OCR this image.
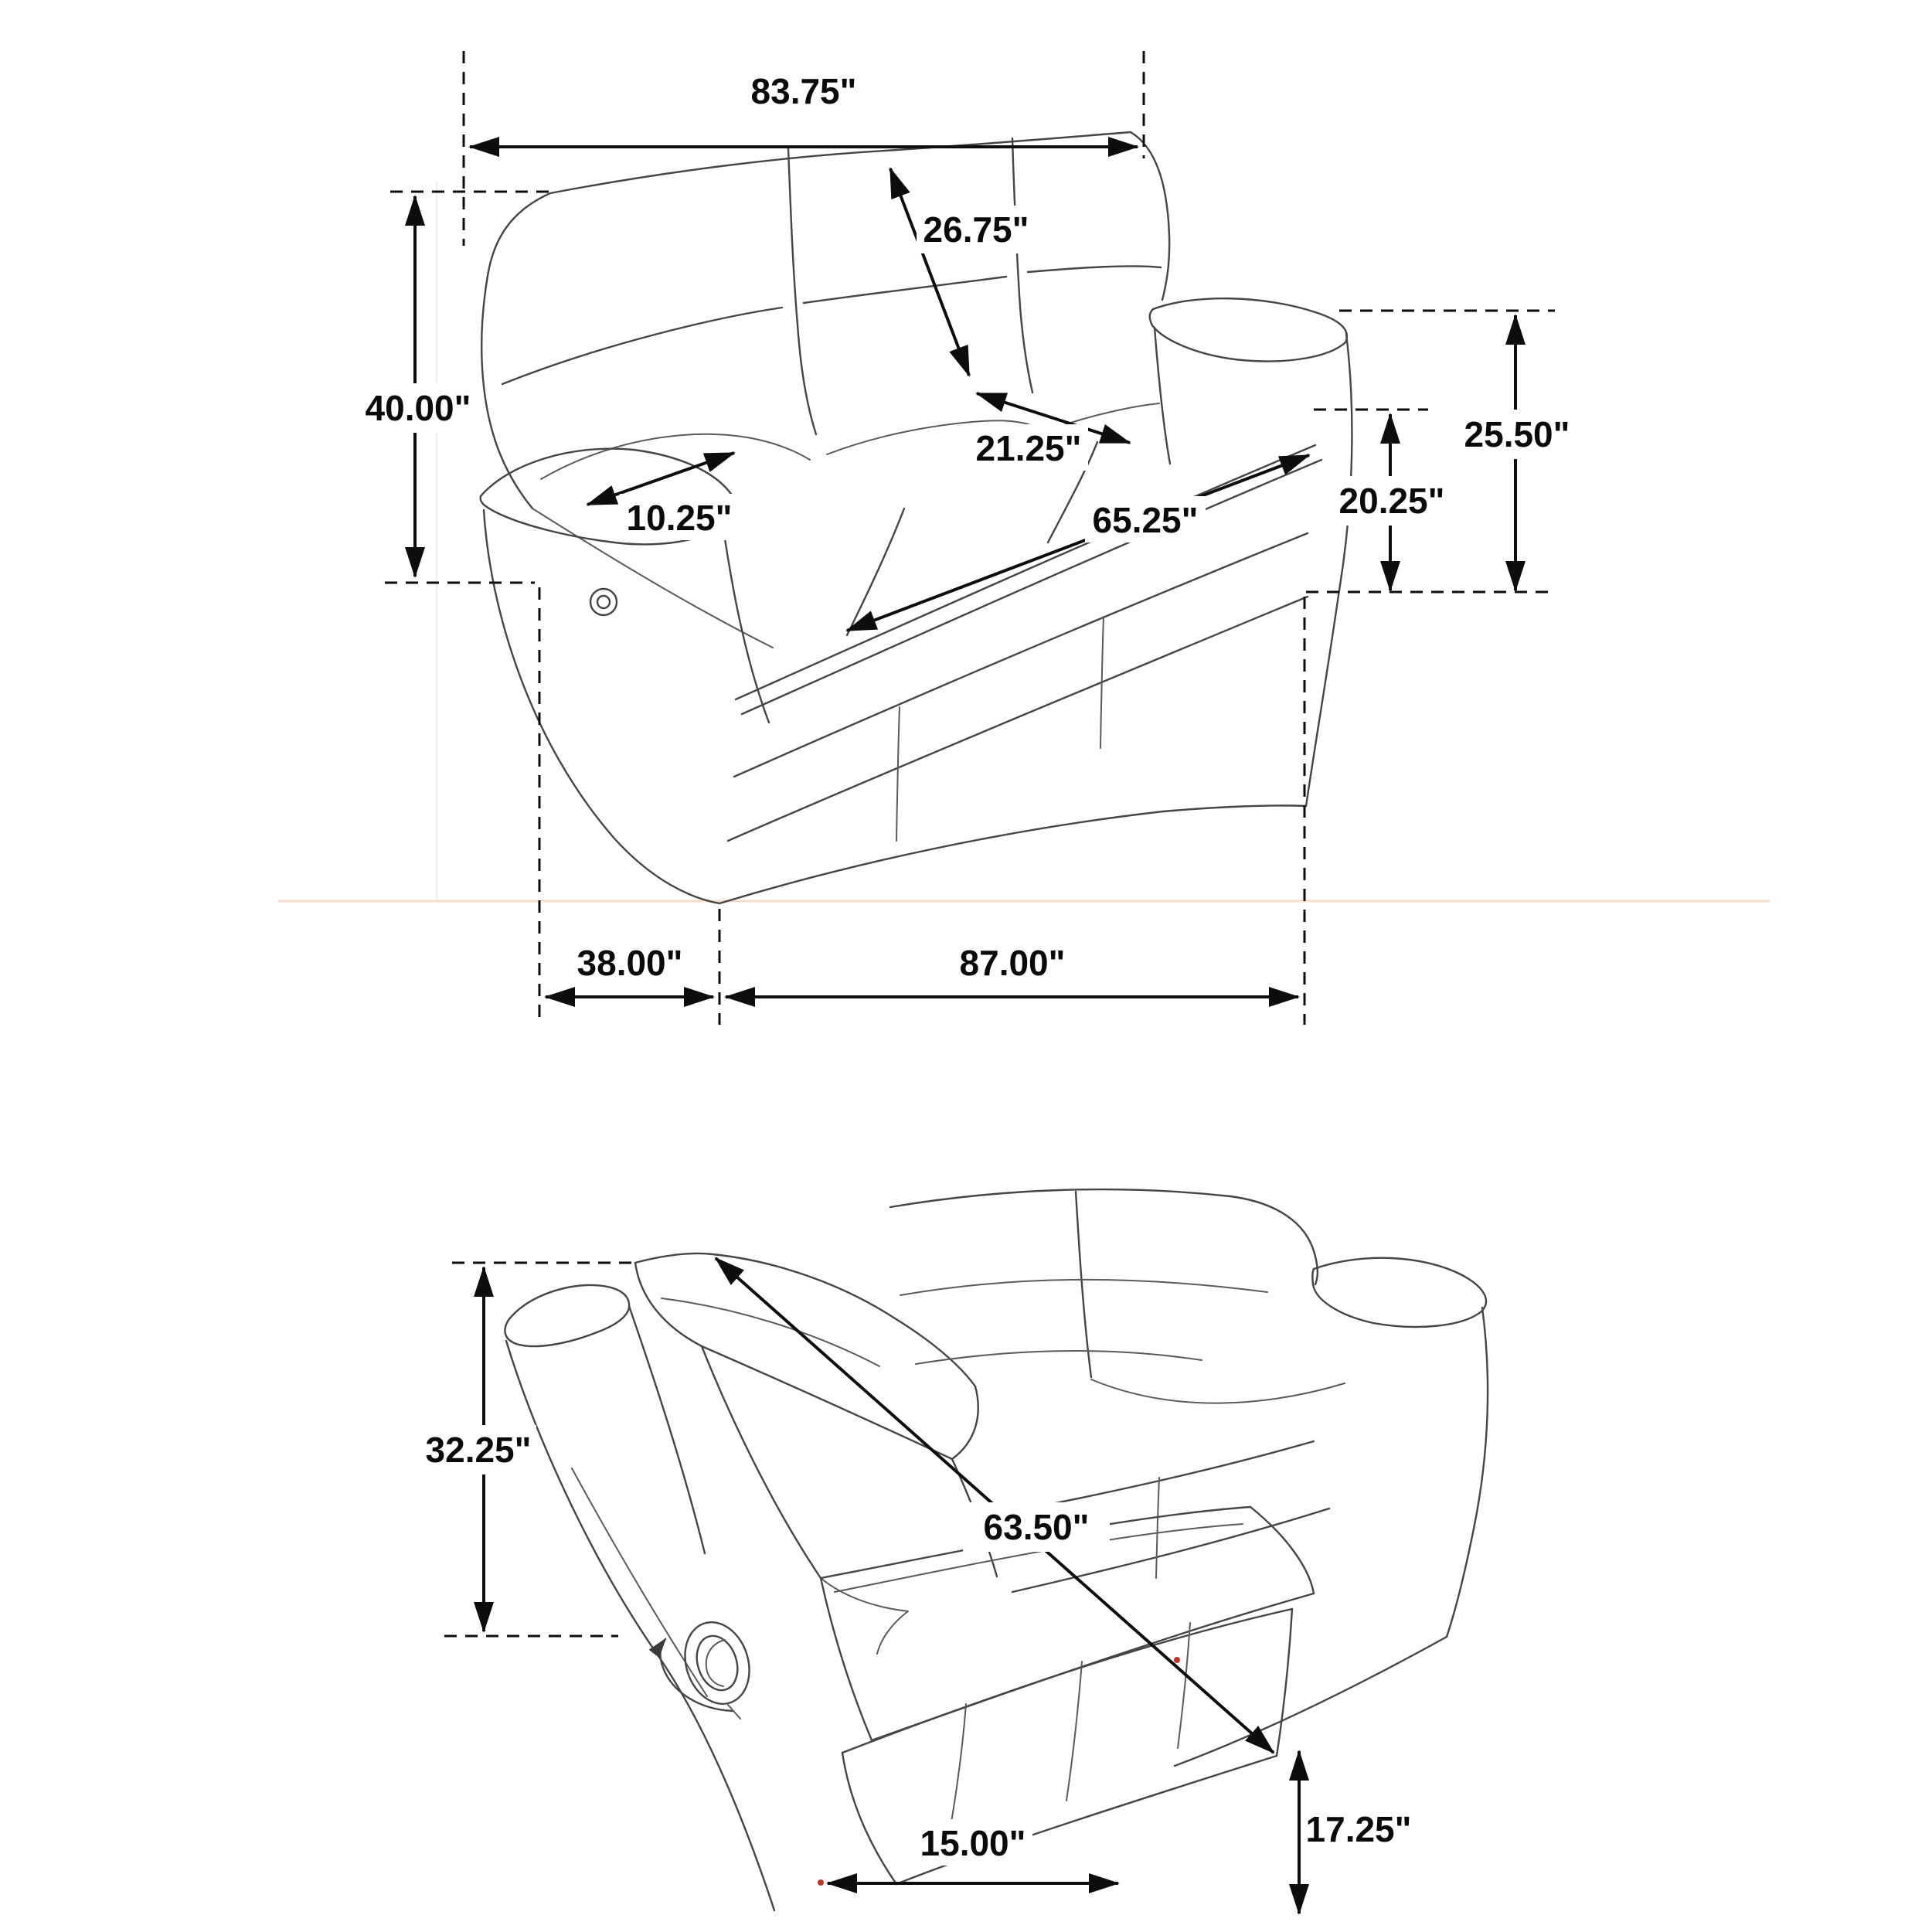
83.75"
26.75"
40.00"
10.25"
21.25"
65.25"
25.50"
20.25"
38.00"	87.00"
32.25"
63.50"
15.00"	17.25"
